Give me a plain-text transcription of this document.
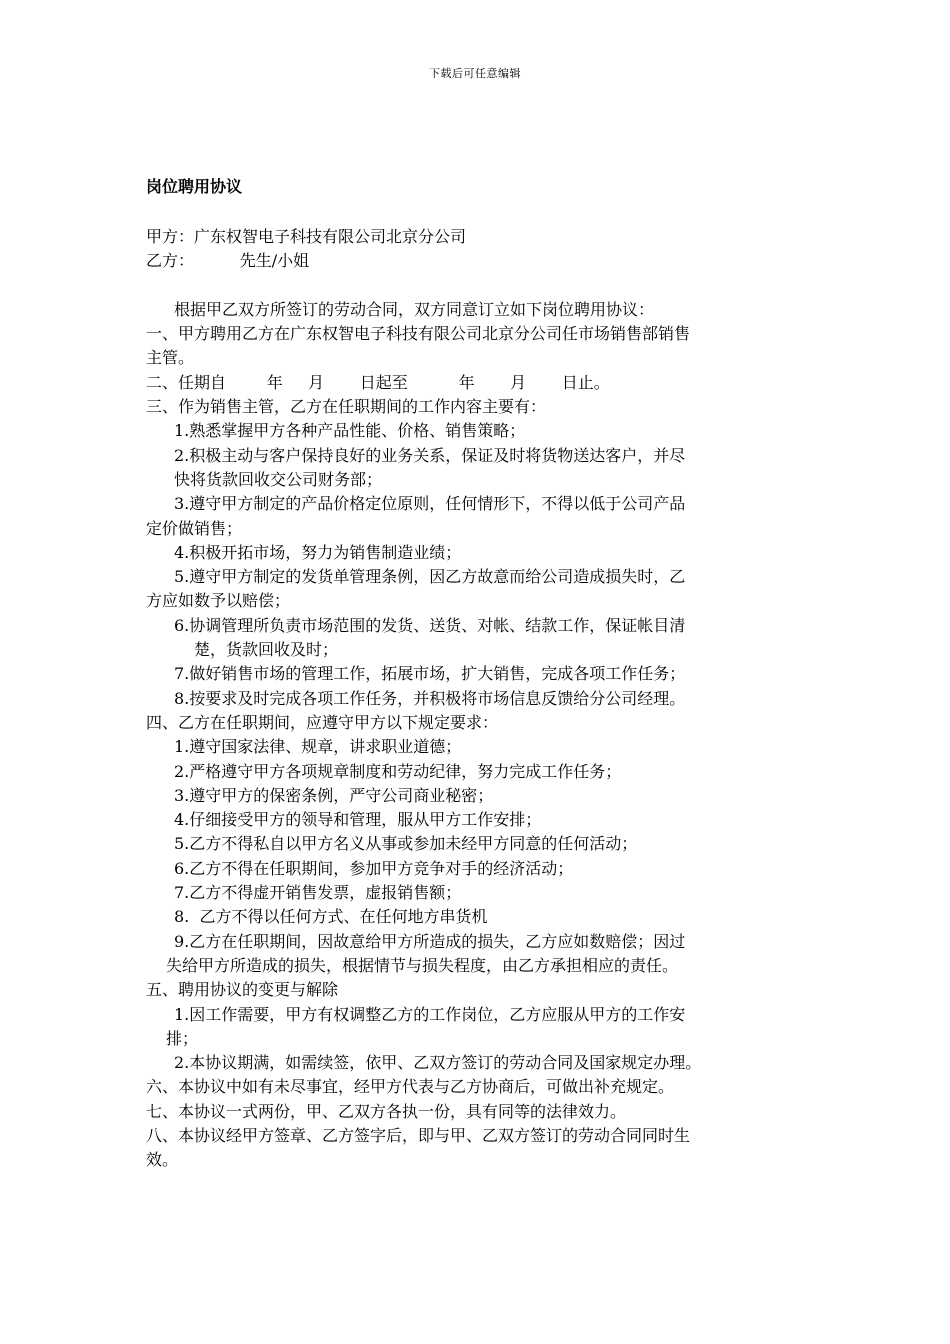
下载后可任意编辑
岗位聘用协议
甲方：广东权智电子科技有限公司北京分公司
乙方：         先生/小姐
根据甲乙双方所签订的劳动合同，双方同意订立如下岗位聘用协议：
一、甲方聘用乙方在广东权智电子科技有限公司北京分公司任市场销售部销售
主管。
二、任期自        年     月       日起至          年       月       日止。
三、作为销售主管，乙方在任职期间的工作内容主要有：
1.熟悉掌握甲方各种产品性能、价格、销售策略；
2.积极主动与客户保持良好的业务关系，保证及时将货物送达客户，并尽
快将货款回收交公司财务部；
3.遵守甲方制定的产品价格定位原则，任何情形下，不得以低于公司产品
定价做销售；
4.积极开拓市场，努力为销售制造业绩；
5.遵守甲方制定的发货单管理条例，因乙方故意而给公司造成损失时，乙
方应如数予以赔偿；
6.协调管理所负责市场范围的发货、送货、对帐、结款工作，保证帐目清
楚，货款回收及时；
7.做好销售市场的管理工作，拓展市场，扩大销售，完成各项工作任务；
8.按要求及时完成各项工作任务，并积极将市场信息反馈给分公司经理。
四、乙方在任职期间，应遵守甲方以下规定要求：
1.遵守国家法律、规章，讲求职业道德；
2.严格遵守甲方各项规章制度和劳动纪律，努力完成工作任务；
3.遵守甲方的保密条例，严守公司商业秘密；
4.仔细接受甲方的领导和管理，服从甲方工作安排；
5.乙方不得私自以甲方名义从事或参加未经甲方同意的任何活动；
6.乙方不得在任职期间，参加甲方竞争对手的经济活动；
7.乙方不得虚开销售发票，虚报销售额；
8.  乙方不得以任何方式、在任何地方串货机
9.乙方在任职期间，因故意给甲方所造成的损失，乙方应如数赔偿；因过
失给甲方所造成的损失，根据情节与损失程度，由乙方承担相应的责任。
五、聘用协议的变更与解除
1.因工作需要，甲方有权调整乙方的工作岗位，乙方应服从甲方的工作安
排；
2.本协议期满，如需续签，依甲、乙双方签订的劳动合同及国家规定办理。
六、本协议中如有未尽事宜，经甲方代表与乙方协商后，可做出补充规定。
七、本协议一式两份，甲、乙双方各执一份，具有同等的法律效力。
八、本协议经甲方签章、乙方签字后，即与甲、乙双方签订的劳动合同同时生
效。
